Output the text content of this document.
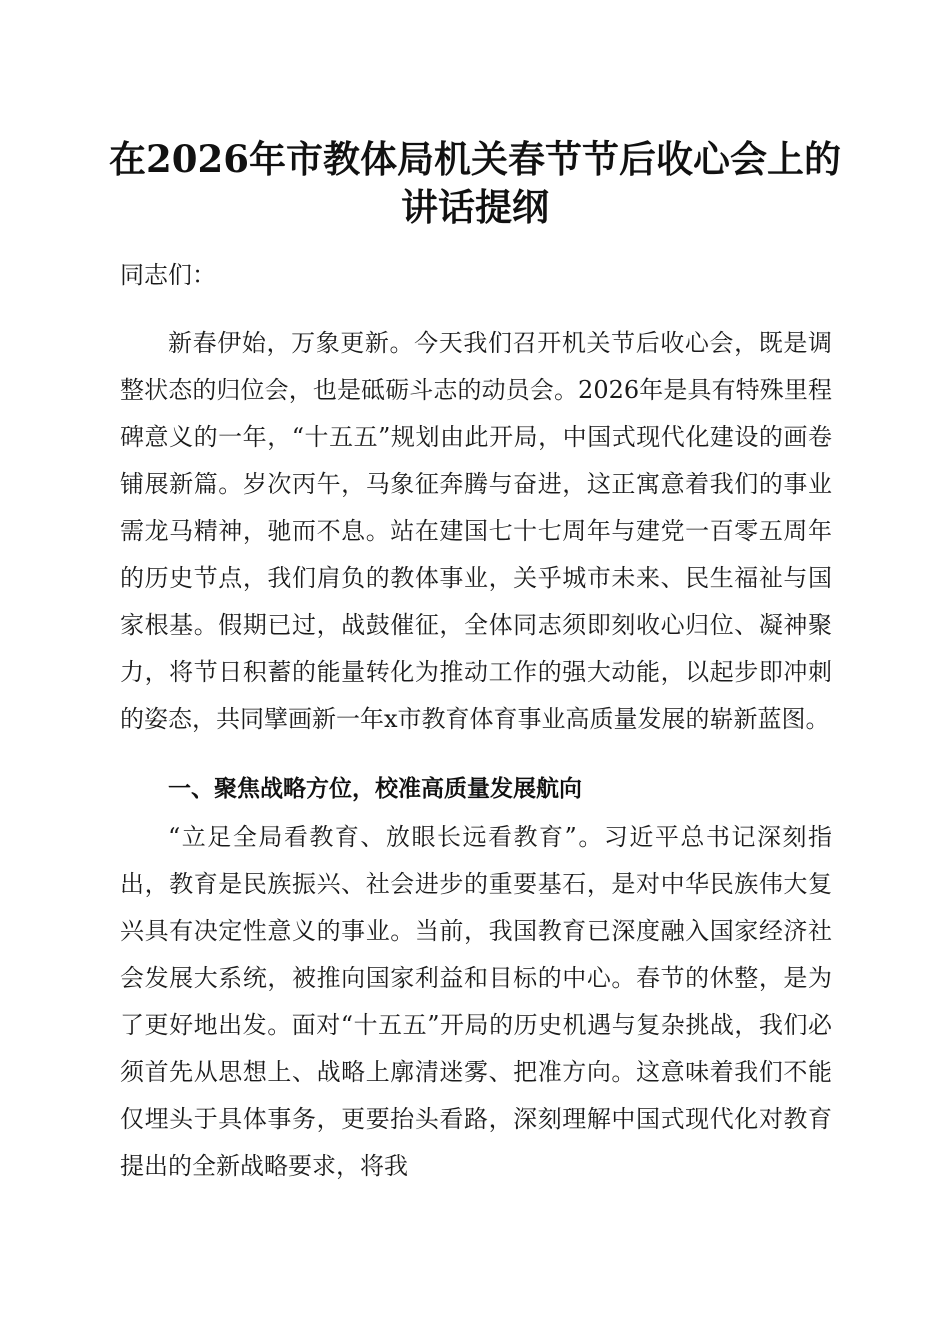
在2026年市教体局机关春节节后收心会上的
讲话提纲

同志们：

新春伊始，万象更新。今天我们召开机关节后收心会，既是调整状态的归位会，也是砥砺斗志的动员会。2026年是具有特殊里程碑意义的一年，“十五五”规划由此开局，中国式现代化建设的画卷铺展新篇。岁次丙午，马象征奔腾与奋进，这正寓意着我们的事业需龙马精神，驰而不息。站在建国七十七周年与建党一百零五周年的历史节点，我们肩负的教体事业，关乎城市未来、民生福祉与国家根基。假期已过，战鼓催征，全体同志须即刻收心归位、凝神聚力，将节日积蓄的能量转化为推动工作的强大动能，以起步即冲刺的姿态，共同擘画新一年x市教育体育事业高质量发展的崭新蓝图。

一、聚焦战略方位，校准高质量发展航向

“立足全局看教育、放眼长远看教育”。习近平总书记深刻指出，教育是民族振兴、社会进步的重要基石，是对中华民族伟大复兴具有决定性意义的事业。当前，我国教育已深度融入国家经济社会发展大系统，被推向国家利益和目标的中心。春节的休整，是为了更好地出发。面对“十五五”开局的历史机遇与复杂挑战，我们必须首先从思想上、战略上廓清迷雾、把准方向。这意味着我们不能仅埋头于具体事务，更要抬头看路，深刻理解中国式现代化对教育提出的全新战略要求，将我
